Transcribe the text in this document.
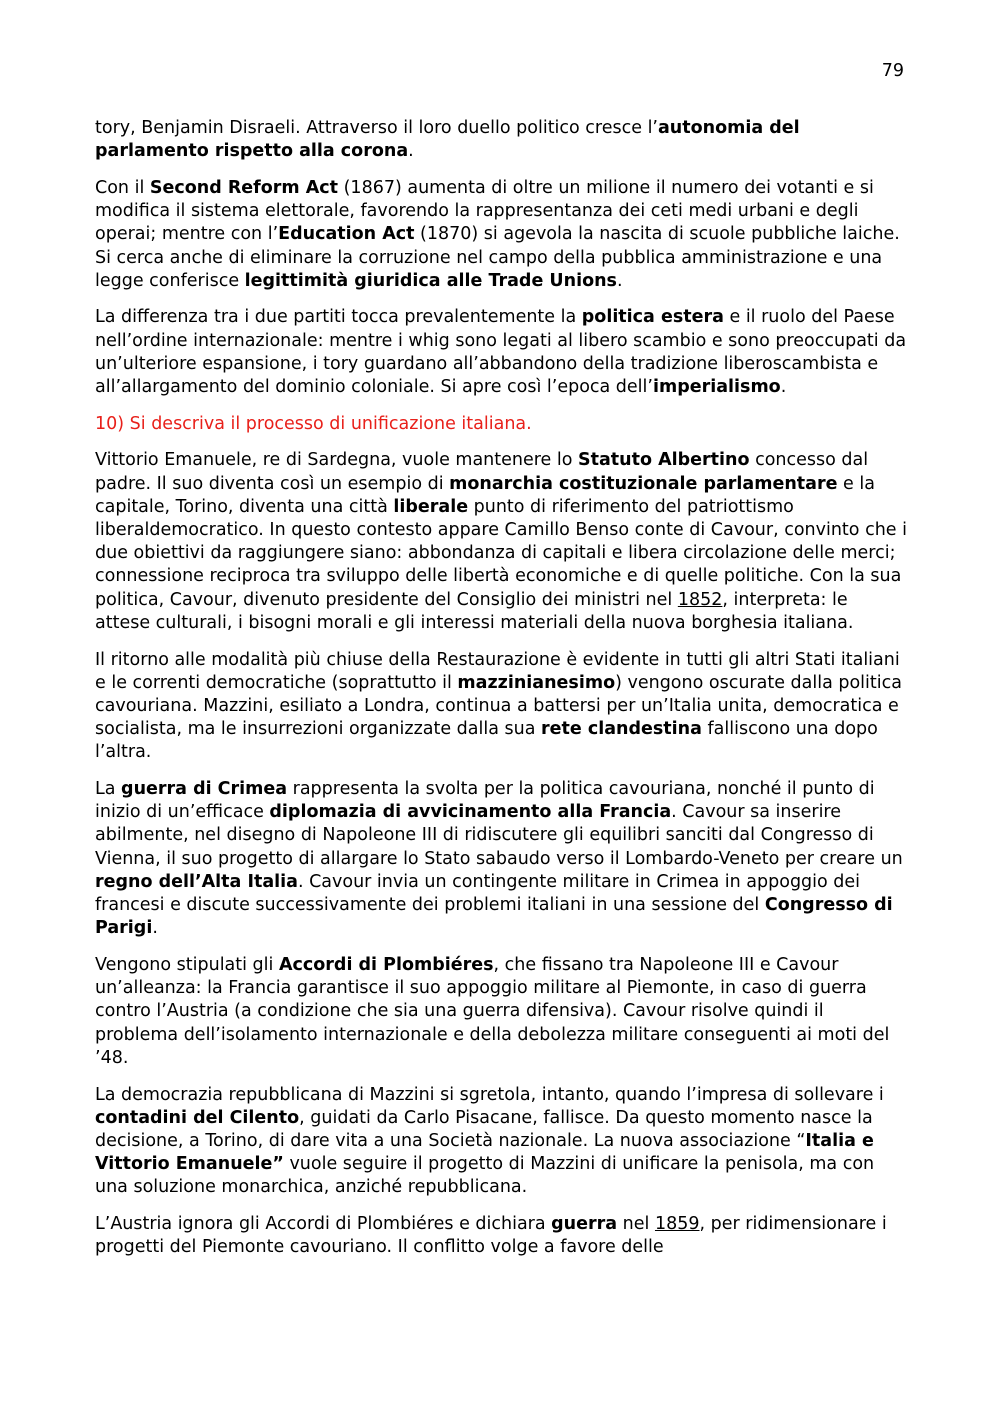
79

tory, Benjamin Disraeli. Attraverso il loro duello politico cresce l’autonomia del parlamento rispetto alla corona.

Con il Second Reform Act (1867) aumenta di oltre un milione il numero dei votanti e si modifica il sistema elettorale, favorendo la rappresentanza dei ceti medi urbani e degli operai; mentre con l’Education Act (1870) si agevola la nascita di scuole pubbliche laiche. Si cerca anche di eliminare la corruzione nel campo della pubblica amministrazione e una legge conferisce legittimità giuridica alle Trade Unions.

La differenza tra i due partiti tocca prevalentemente la politica estera e il ruolo del Paese nell’ordine internazionale: mentre i whig sono legati al libero scambio e sono preoccupati da un’ulteriore espansione, i tory guardano all’abbandono della tradizione liberoscambista e all’allargamento del dominio coloniale. Si apre così l’epoca dell’imperialismo.

10) Si descriva il processo di unificazione italiana.

Vittorio Emanuele, re di Sardegna, vuole mantenere lo Statuto Albertino concesso dal padre. Il suo diventa così un esempio di monarchia costituzionale parlamentare e la capitale, Torino, diventa una città liberale punto di riferimento del patriottismo liberaldemocratico. In questo contesto appare Camillo Benso conte di Cavour, convinto che i due obiettivi da raggiungere siano: abbondanza di capitali e libera circolazione delle merci; connessione reciproca tra sviluppo delle libertà economiche e di quelle politiche. Con la sua politica, Cavour, divenuto presidente del Consiglio dei ministri nel 1852, interpreta: le attese culturali, i bisogni morali e gli interessi materiali della nuova borghesia italiana.

Il ritorno alle modalità più chiuse della Restaurazione è evidente in tutti gli altri Stati italiani e le correnti democratiche (soprattutto il mazzinianesimo) vengono oscurate dalla politica cavouriana. Mazzini, esiliato a Londra, continua a battersi per un’Italia unita, democratica e socialista, ma le insurrezioni organizzate dalla sua rete clandestina falliscono una dopo l’altra.

La guerra di Crimea rappresenta la svolta per la politica cavouriana, nonché il punto di inizio di un’efficace diplomazia di avvicinamento alla Francia. Cavour sa inserire abilmente, nel disegno di Napoleone III di ridiscutere gli equilibri sanciti dal Congresso di Vienna, il suo progetto di allargare lo Stato sabaudo verso il Lombardo-Veneto per creare un regno dell’Alta Italia. Cavour invia un contingente militare in Crimea in appoggio dei francesi e discute successivamente dei problemi italiani in una sessione del Congresso di Parigi.

Vengono stipulati gli Accordi di Plombiéres, che fissano tra Napoleone III e Cavour un’alleanza: la Francia garantisce il suo appoggio militare al Piemonte, in caso di guerra contro l’Austria (a condizione che sia una guerra difensiva). Cavour risolve quindi il problema dell’isolamento internazionale e della debolezza militare conseguenti ai moti del ’48.

La democrazia repubblicana di Mazzini si sgretola, intanto, quando l’impresa di sollevare i contadini del Cilento, guidati da Carlo Pisacane, fallisce. Da questo momento nasce la decisione, a Torino, di dare vita a una Società nazionale. La nuova associazione “Italia e Vittorio Emanuele” vuole seguire il progetto di Mazzini di unificare la penisola, ma con una soluzione monarchica, anziché repubblicana.

L’Austria ignora gli Accordi di Plombiéres e dichiara guerra nel 1859, per ridimensionare i progetti del Piemonte cavouriano. Il conflitto volge a favore delle
